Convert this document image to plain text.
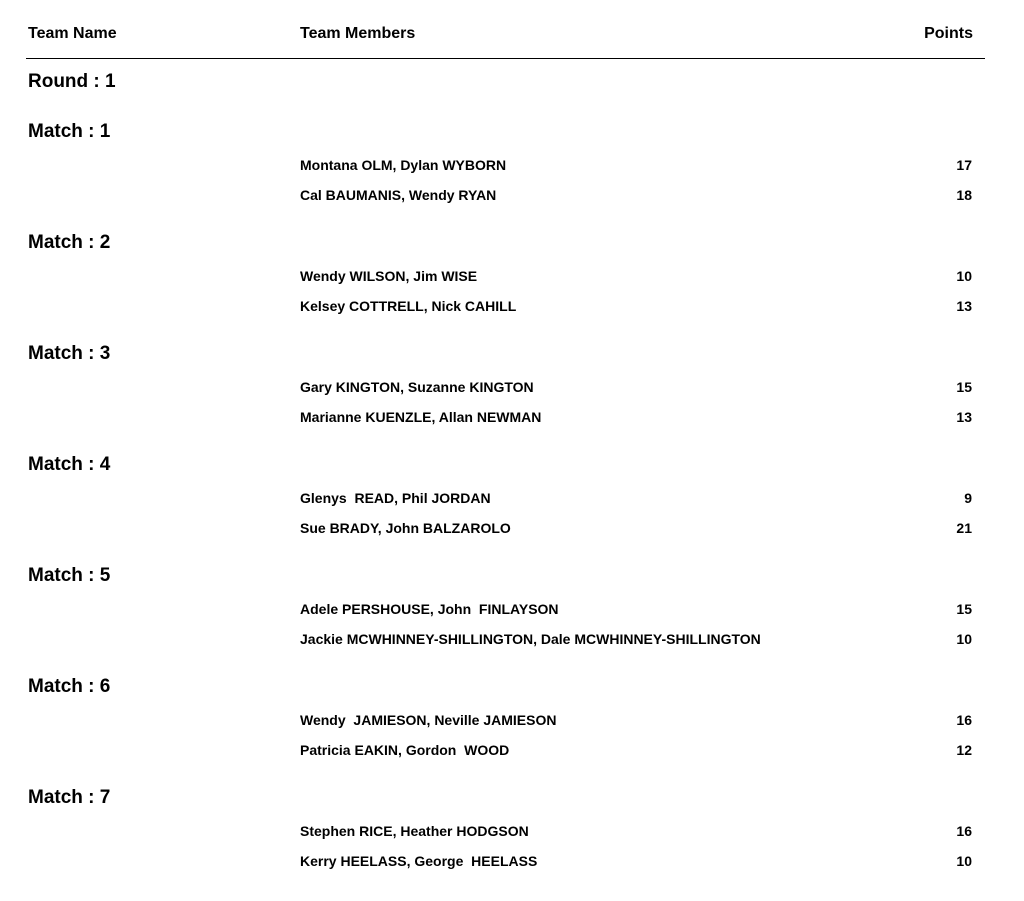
Team Name	Team Members	Points
Round : 1
Match : 1
Montana OLM, Dylan WYBORN	17
Cal BAUMANIS, Wendy RYAN	18
Match : 2
Wendy WILSON, Jim WISE	10
Kelsey COTTRELL, Nick CAHILL	13
Match : 3
Gary KINGTON, Suzanne KINGTON	15
Marianne KUENZLE, Allan NEWMAN	13
Match : 4
Glenys  READ, Phil JORDAN	9
Sue BRADY, John BALZAROLO	21
Match : 5
Adele PERSHOUSE, John  FINLAYSON	15
Jackie MCWHINNEY-SHILLINGTON, Dale MCWHINNEY-SHILLINGTON	10
Match : 6
Wendy  JAMIESON, Neville JAMIESON	16
Patricia EAKIN, Gordon  WOOD	12
Match : 7
Stephen RICE, Heather HODGSON	16
Kerry HEELASS, George  HEELASS	10
